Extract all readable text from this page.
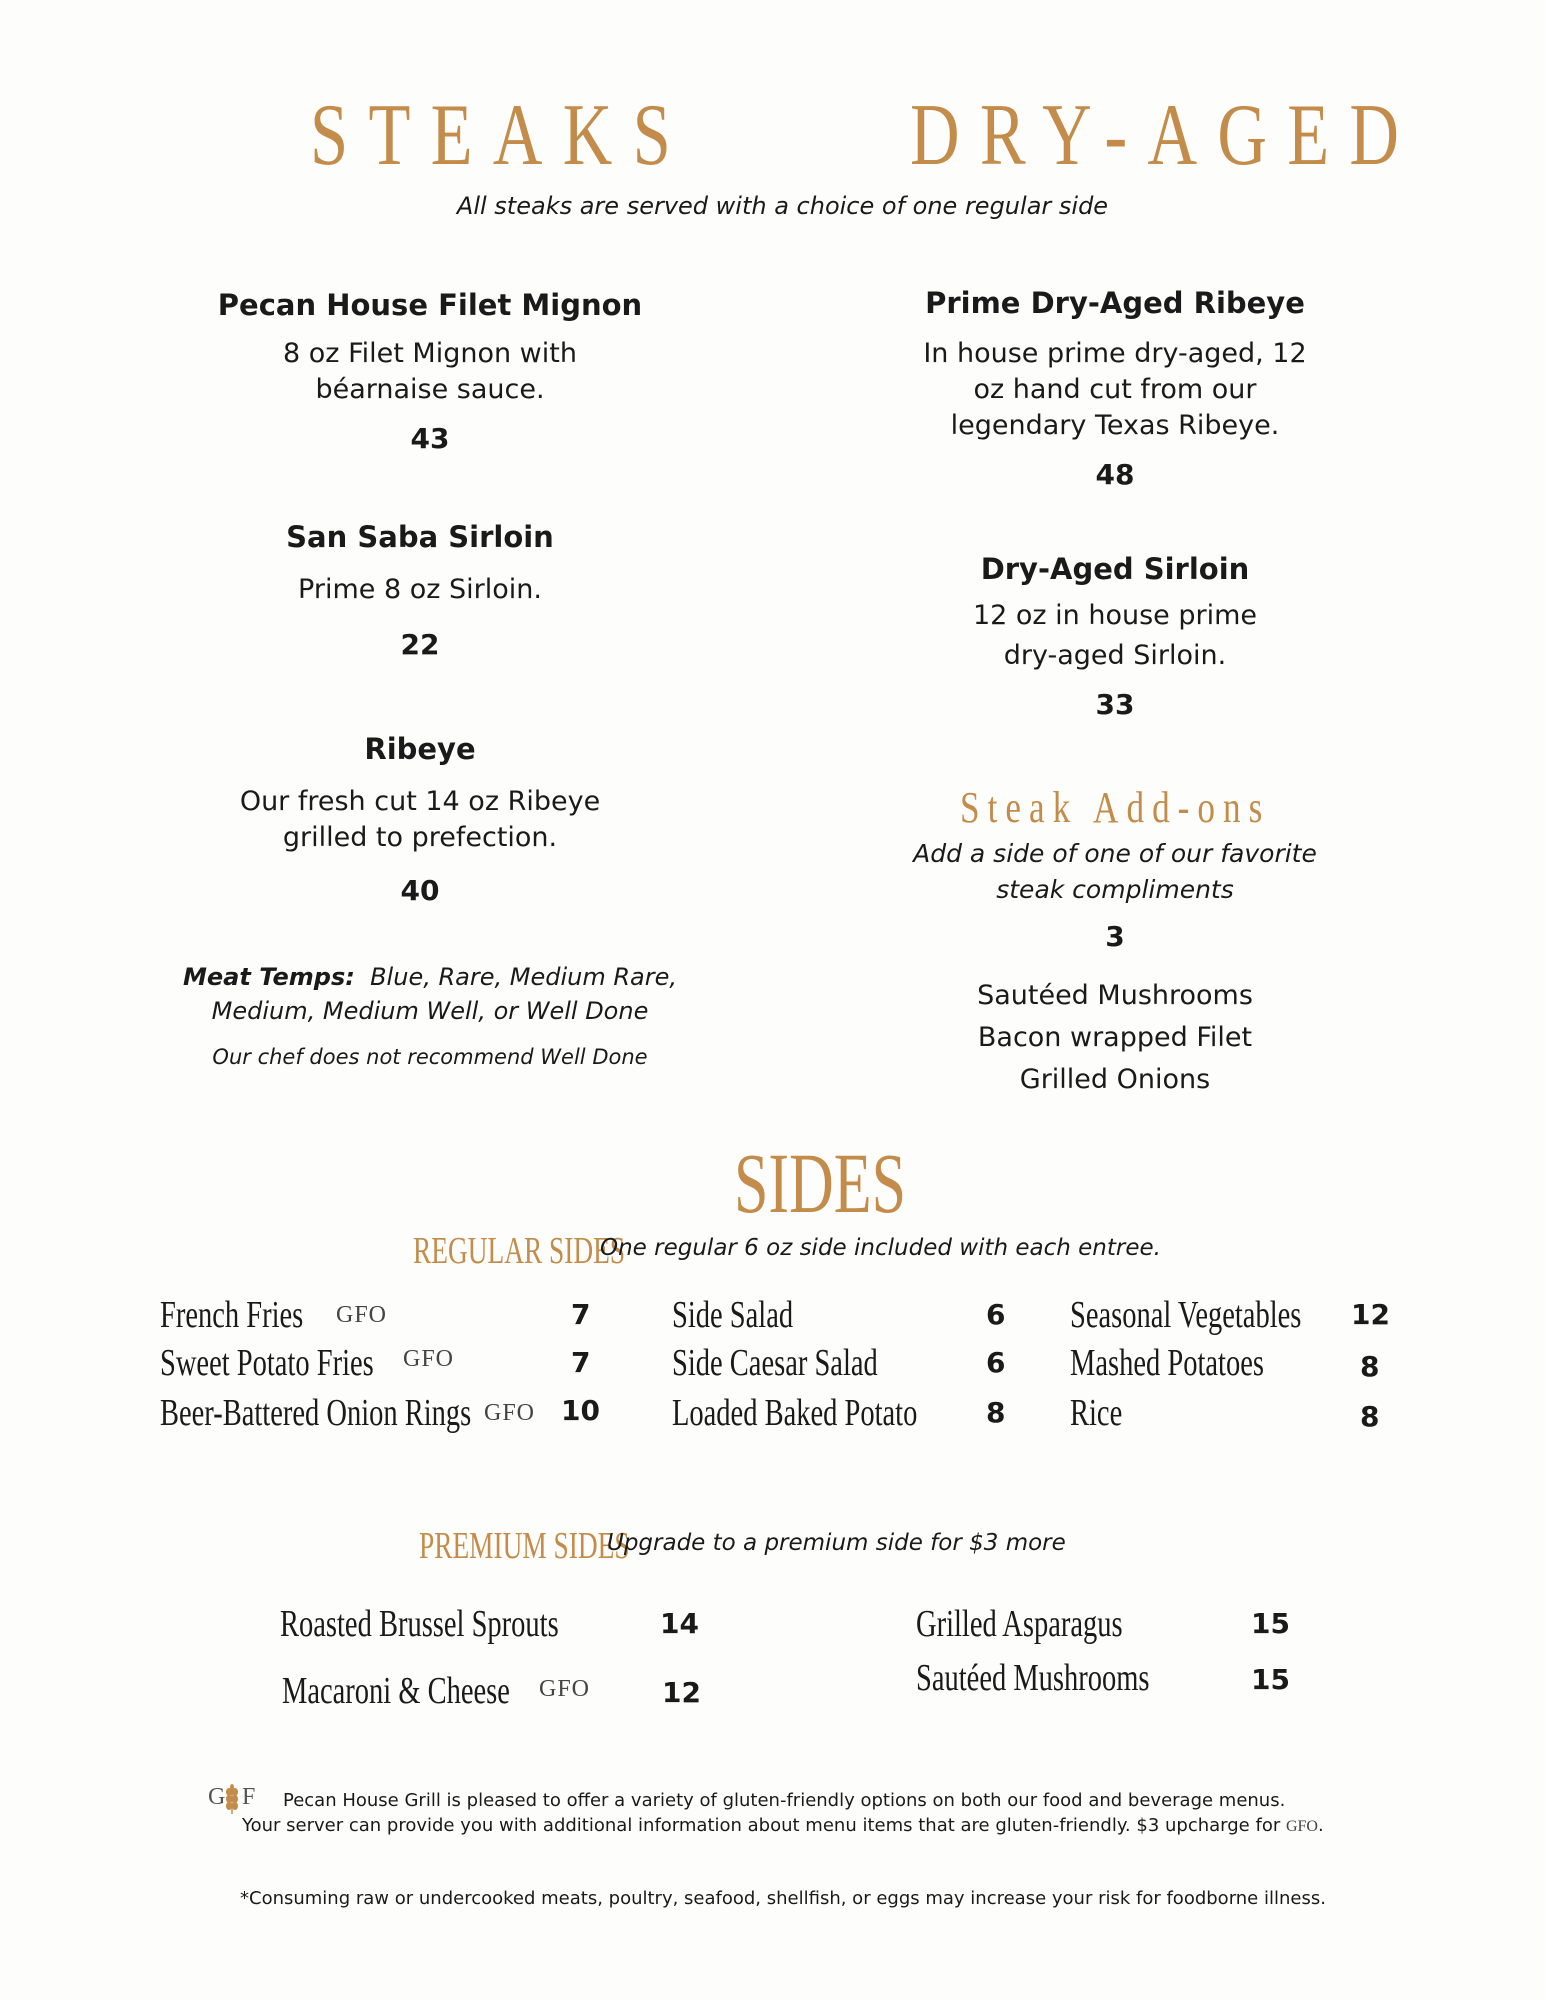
STEAKS DRY-AGED
All steaks are served with a choice of one regular side
Pecan House Filet Mignon
8 oz Filet Mignon with
béarnaise sauce.
43
San Saba Sirloin
Prime 8 oz Sirloin.
22
Ribeye
Our fresh cut 14 oz Ribeye
grilled to prefection.
40
Meat Temps: Blue, Rare, Medium Rare,
Medium, Medium Well, or Well Done
Our chef does not recommend Well Done
Prime Dry-Aged Ribeye
In house prime dry-aged, 12
oz hand cut from our
legendary Texas Ribeye.
48
Dry-Aged Sirloin
12 oz in house prime
dry-aged Sirloin.
33
Steak Add-ons
Add a side of one of our favorite
steak compliments
3
Sautéed Mushrooms
Bacon wrapped Filet
Grilled Onions
SIDES
REGULAR SIDES
One regular 6 oz side included with each entree.
French Fries GFO	7
Sweet Potato Fries GFO	7
Beer-Battered Onion Rings GFO 10
Side Salad	6
Side Caesar Salad	6
Loaded Baked Potato 8
Seasonal Vegetables 12
Mashed Potatoes	8
Rice	8
PREMIUM SIDES
Upgrade to a premium side for $3 more
Roasted Brussel Sprouts	14
Macaroni & Cheese GFO	12
Grilled Asparagus	15
Sautéed Mushrooms	15
G F Pecan House Grill is pleased to offer a variety of gluten-friendly options on both our food and beverage menus.
Your server can provide you with additional information about menu items that are gluten-friendly. $3 upcharge for GFO.
*Consuming raw or undercooked meats, poultry, seafood, shellfish, or eggs may increase your risk for foodborne illness.
